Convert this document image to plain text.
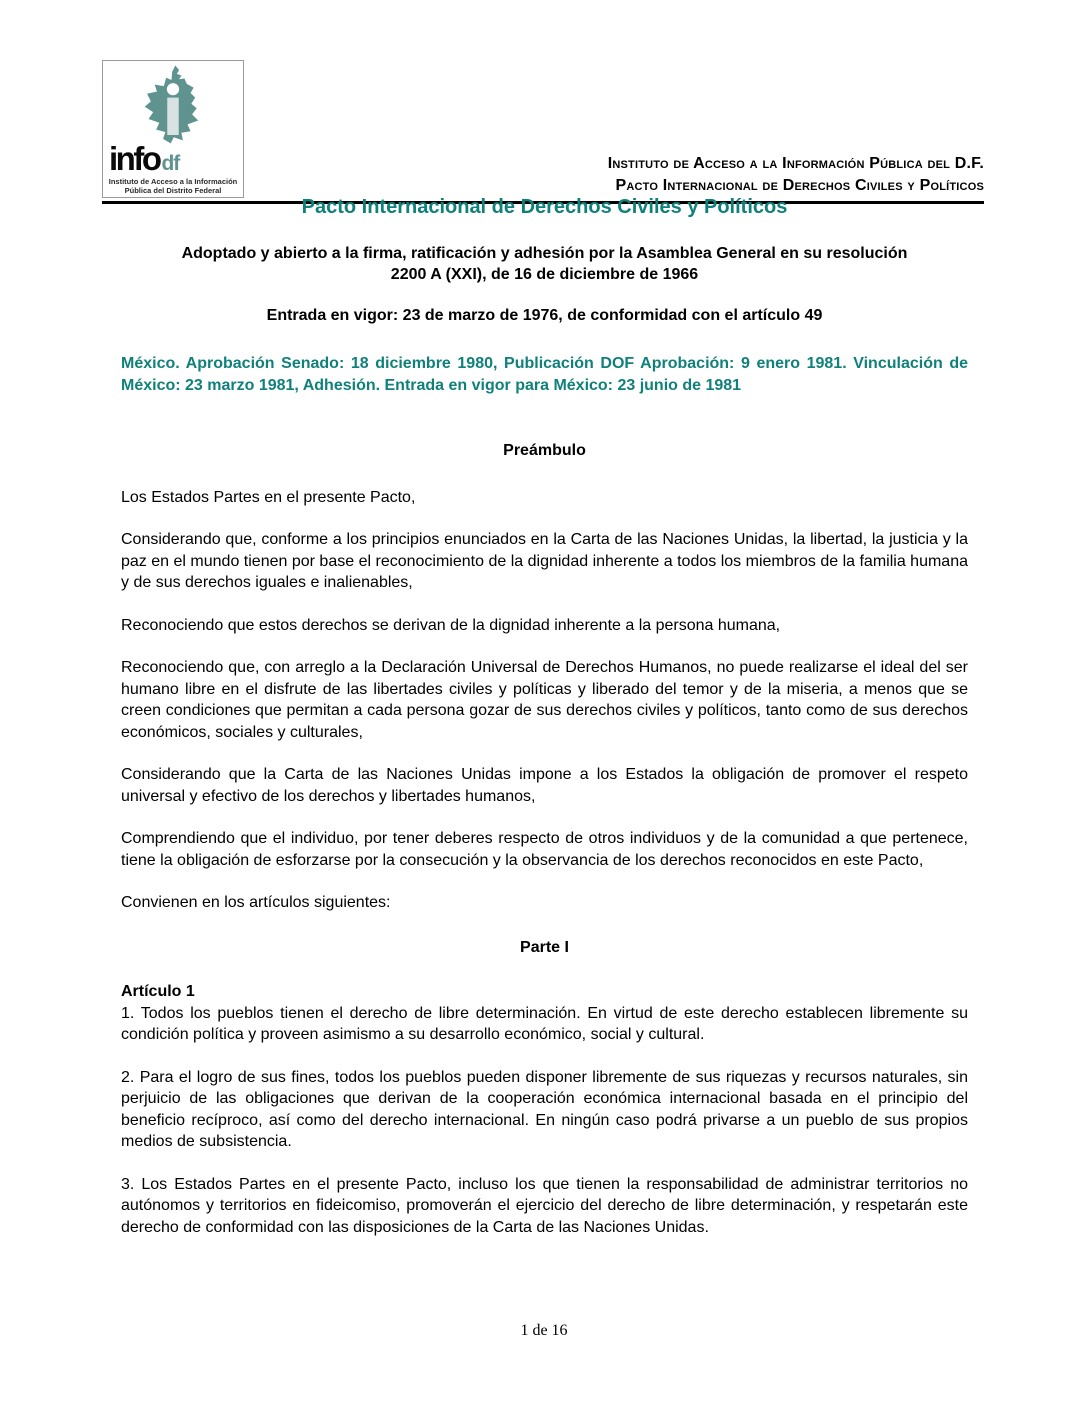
info df
Instituto de Acceso a la Información
Pública del Distrito Federal
Instituto de Acceso a la Información Pública del D.F.
Pacto Internacional de Derechos Civiles y Políticos
Pacto Internacional de Derechos Civiles y Políticos
Adoptado y abierto a la firma, ratificación y adhesión por la Asamblea General en su resolución
2200 A (XXI), de 16 de diciembre de 1966
Entrada en vigor: 23 de marzo de 1976, de conformidad con el artículo 49

México. Aprobación Senado: 18 diciembre 1980, Publicación DOF Aprobación: 9 enero 1981. Vinculación de México: 23 marzo 1981, Adhesión. Entrada en vigor para México: 23 junio de 1981

Preámbulo

Los Estados Partes en el presente Pacto,

Considerando que, conforme a los principios enunciados en la Carta de las Naciones Unidas, la libertad, la justicia y la paz en el mundo tienen por base el reconocimiento de la dignidad inherente a todos los miembros de la familia humana y de sus derechos iguales e inalienables,

Reconociendo que estos derechos se derivan de la dignidad inherente a la persona humana,

Reconociendo que, con arreglo a la Declaración Universal de Derechos Humanos, no puede realizarse el ideal del ser humano libre en el disfrute de las libertades civiles y políticas y liberado del temor y de la miseria, a menos que se creen condiciones que permitan a cada persona gozar de sus derechos civiles y políticos, tanto como de sus derechos económicos, sociales y culturales,

Considerando que la Carta de las Naciones Unidas impone a los Estados la obligación de promover el respeto universal y efectivo de los derechos y libertades humanos,

Comprendiendo que el individuo, por tener deberes respecto de otros individuos y de la comunidad a que pertenece, tiene la obligación de esforzarse por la consecución y la observancia de los derechos reconocidos en este Pacto,

Convienen en los artículos siguientes:

Parte I
Artículo 1

1. Todos los pueblos tienen el derecho de libre determinación. En virtud de este derecho establecen libremente su condición política y proveen asimismo a su desarrollo económico, social y cultural.

2. Para el logro de sus fines, todos los pueblos pueden disponer libremente de sus riquezas y recursos naturales, sin perjuicio de las obligaciones que derivan de la cooperación económica internacional basada en el principio del beneficio recíproco, así como del derecho internacional. En ningún caso podrá privarse a un pueblo de sus propios medios de subsistencia.

3. Los Estados Partes en el presente Pacto, incluso los que tienen la responsabilidad de administrar territorios no autónomos y territorios en fideicomiso, promoverán el ejercicio del derecho de libre determinación, y respetarán este derecho de conformidad con las disposiciones de la Carta de las Naciones Unidas.

1 de 16
